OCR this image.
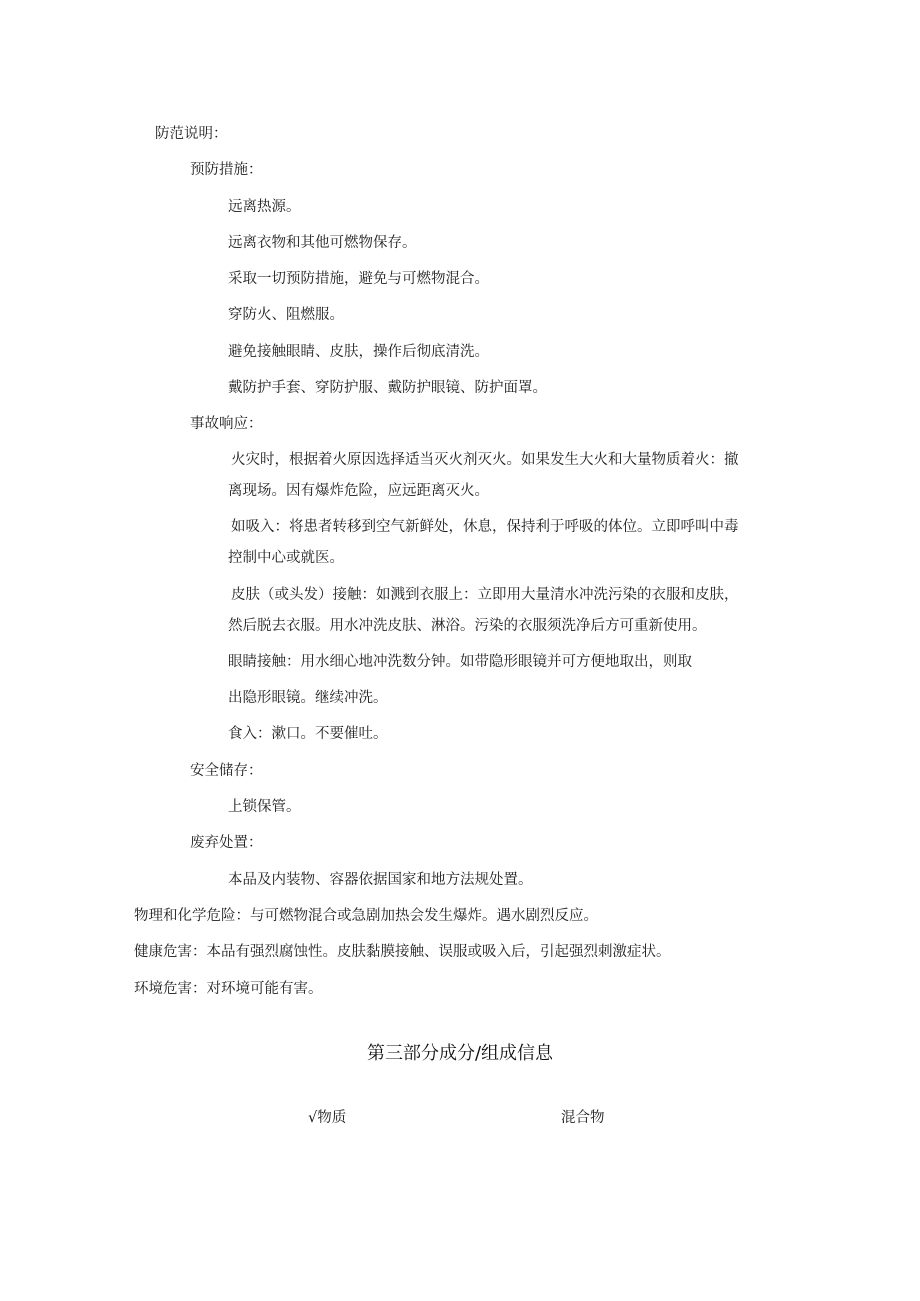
防范说明：
预防措施：
远离热源。
远离衣物和其他可燃物保存。
采取一切预防措施，避免与可燃物混合。
穿防火、阻燃服。
避免接触眼睛、皮肤，操作后彻底清洗。
戴防护手套、穿防护服、戴防护眼镜、防护面罩。
事故响应：
火灾时，根据着火原因选择适当灭火剂灭火。如果发生大火和大量物质着火：撤
离现场。因有爆炸危险，应远距离灭火。
如吸入：将患者转移到空气新鲜处，休息，保持利于呼吸的体位。立即呼叫中毒
控制中心或就医。
皮肤（或头发）接触：如溅到衣服上：立即用大量清水冲洗污染的衣服和皮肤，
然后脱去衣服。用水冲洗皮肤、淋浴。污染的衣服须洗净后方可重新使用。
眼睛接触：用水细心地冲洗数分钟。如带隐形眼镜并可方便地取出，则取
出隐形眼镜。继续冲洗。
食入：漱口。不要催吐。
安全储存：
上锁保管。
废弃处置：
本品及内装物、容器依据国家和地方法规处置。
物理和化学危险：与可燃物混合或急剧加热会发生爆炸。遇水剧烈反应。
健康危害：本品有强烈腐蚀性。皮肤黏膜接触、误服或吸入后，引起强烈刺激症状。
环境危害：对环境可能有害。
第三部分成分/组成信息
√物质	混合物
